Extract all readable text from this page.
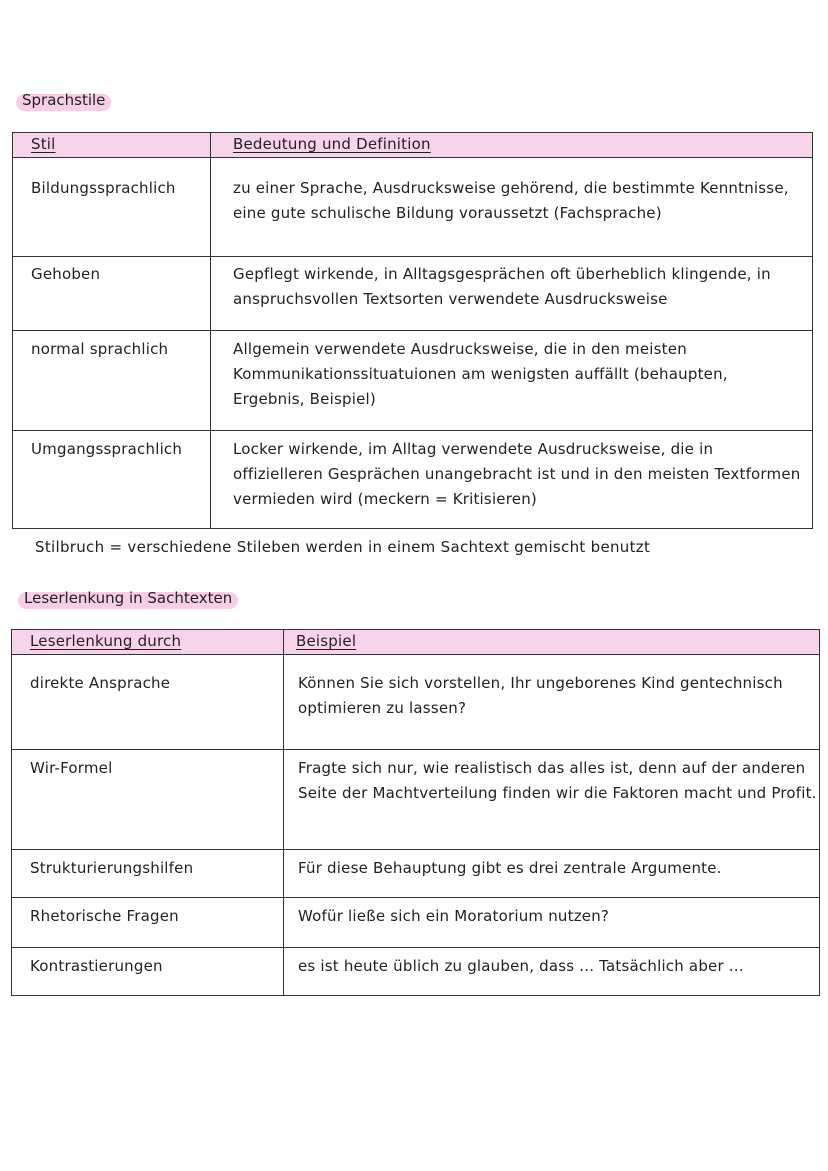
Sprachstile
Stil	Bedeutung und Definition
Bildungssprachlich	zu einer Sprache, Ausdrucksweise gehörend, die bestimmte Kenntnisse, eine gute schulische Bildung voraussetzt (Fachsprache)
Gehoben	Gepflegt wirkende, in Alltagsgesprächen oft überheblich klingende, in anspruchsvollen Textsorten verwendete Ausdrucksweise
normal sprachlich	Allgemein verwendete Ausdrucksweise, die in den meisten Kommunikationssituatuionen am wenigsten auffällt (behaupten, Ergebnis, Beispiel)
Umgangssprachlich	Locker wirkende, im Alltag verwendete Ausdrucksweise, die in offizielleren Gesprächen unangebracht ist und in den meisten Textformen vermieden wird (meckern = Kritisieren)
Stilbruch = verschiedene Stileben werden in einem Sachtext gemischt benutzt
Leserlenkung in Sachtexten
Leserlenkung durch	Beispiel
direkte Ansprache	Können Sie sich vorstellen, Ihr ungeborenes Kind gentechnisch optimieren zu lassen?
Wir-Formel	Fragte sich nur, wie realistisch das alles ist, denn auf der anderen Seite der Machtverteilung finden wir die Faktoren macht und Profit.
Strukturierungshilfen	Für diese Behauptung gibt es drei zentrale Argumente.
Rhetorische Fragen	Wofür ließe sich ein Moratorium nutzen?
Kontrastierungen	es ist heute üblich zu glauben, dass ... Tatsächlich aber ...
